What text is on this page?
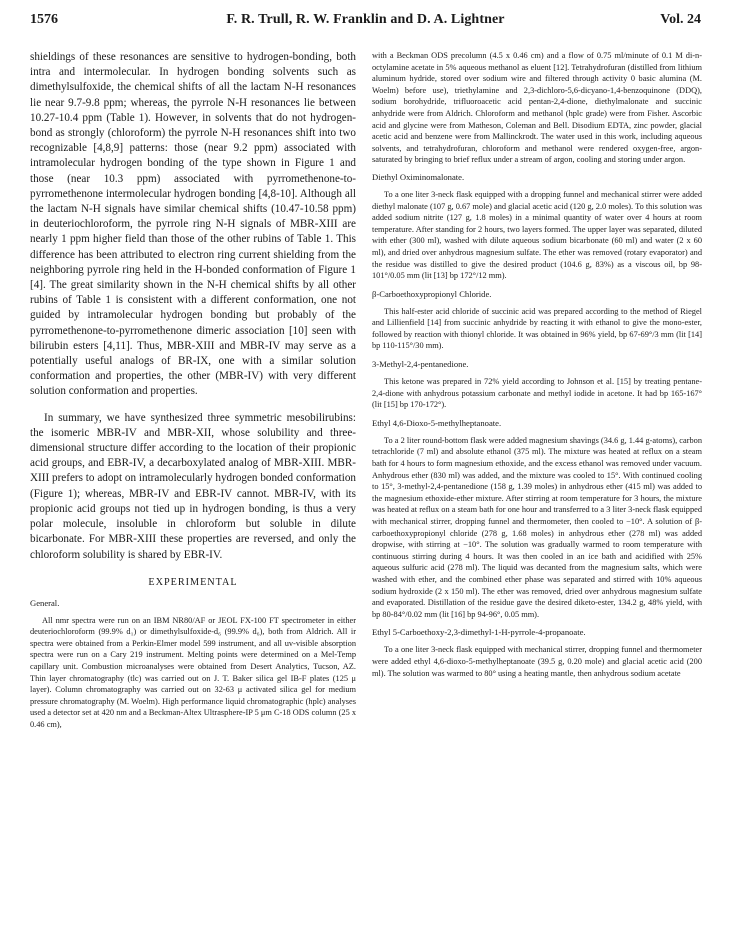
1576	F. R. Trull, R. W. Franklin and D. A. Lightner	Vol. 24

shieldings of these resonances are sensitive to hydrogen-bonding, both intra and intermolecular. In hydrogen bonding solvents such as dimethylsulfoxide, the chemical shifts of all the lactam N-H resonances lie near 9.7-9.8 ppm; whereas, the pyrrole N-H resonances lie between 10.27-10.4 ppm (Table 1). However, in solvents that do not hydrogen-bond as strongly (chloroform) the pyrrole N-H resonances shift into two recognizable [4,8,9] patterns: those (near 9.2 ppm) associated with intramolecular hydrogen bonding of the type shown in Figure 1 and those (near 10.3 ppm) associated with pyrromethenone-to-pyrromethenone intermolecular hydrogen bonding [4,8-10]. Although all the lactam N-H signals have similar chemical shifts (10.47-10.58 ppm) in deuteriochloroform, the pyrrole ring N-H signals of MBR-XIII are nearly 1 ppm higher field than those of the other rubins of Table 1. This difference has been attributed to electron ring current shielding from the neighboring pyrrole ring held in the H-bonded conformation of Figure 1 [4]. The great similarity shown in the N-H chemical shifts by all other rubins of Table 1 is consistent with a different conformation, one not guided by intramolecular hydrogen bonding but probably of the pyrromethenone-to-pyrromethenone dimeric association [10] seen with bilirubin esters [4,11]. Thus, MBR-XIII and MBR-IV may serve as a potentially useful analogs of BR-IX, one with a similar solution conformation and properties, the other (MBR-IV) with very different solution conformation and properties.

In summary, we have synthesized three symmetric mesobilirubins: the isomeric MBR-IV and MBR-XII, whose solubility and three-dimensional structure differ according to the location of their propionic acid groups, and EBR-IV, a decarboxylated analog of MBR-XIII. MBR-XIII prefers to adopt on intramolecularly hydrogen bonded conformation (Figure 1); whereas, MBR-IV and EBR-IV cannot. MBR-IV, with its propionic acid groups not tied up in hydrogen bonding, is thus a very polar molecule, insoluble in chloroform but soluble in dilute bicarbonate. For MBR-XIII these properties are reversed, and only the chloroform solubility is shared by EBR-IV.

EXPERIMENTAL
General.

All nmr spectra were run on an IBM NR80/AF or JEOL FX-100 FT spectrometer in either deuteriochloroform (99.9% d₁) or dimethylsulfoxide-d₆ (99.9% d₆), both from Aldrich. All ir spectra were obtained from a Perkin-Elmer model 599 instrument, and all uv-visible absorption spectra were run on a Cary 219 instrument. Melting points were determined on a Mel-Temp capillary unit. Combustion microanalyses were obtained from Desert Analytics, Tucson, AZ. Thin layer chromatography (tlc) was carried out on J. T. Baker silica gel IB-F plates (125 μ layer). Column chromatography was carried out on 32-63 μ activated silica gel for medium pressure chromatography (M. Woelm). High performance liquid chromatographic (hplc) analyses used a detector set at 420 nm and a Beckman-Altex Ultrasphere-IP 5 μm C-18 ODS column (25 x 0.46 cm),

with a Beckman ODS precolumn (4.5 x 0.46 cm) and a flow of 0.75 ml/minute of 0.1 M di-n-octylamine acetate in 5% aqueous methanol as eluent [12]. Tetrahydrofuran (distilled from lithium aluminum hydride, stored over sodium wire and filtered through activity 0 basic alumina (M. Woelm) before use), triethylamine and 2,3-dichloro-5,6-dicyano-1,4-benzoquinone (DDQ), sodium borohydride, trifluoroacetic acid pentan-2,4-dione, diethylmalonate and succinic anhydride were from Aldrich. Chloroform and methanol (hplc grade) were from Fisher. Ascorbic acid and glycine were from Matheson, Coleman and Bell. Disodium EDTA, zinc powder, glacial acetic acid and benzene were from Mallinckrodt. The water used in this work, including aqueous solvents, and tetrahydrofuran, chloroform and methanol were rendered oxygen-free, argon-saturated by bringing to brief reflux under a stream of argon, cooling and storing under argon.

Diethyl Oximinomalonate.

To a one liter 3-neck flask equipped with a dropping funnel and mechanical stirrer were added diethyl malonate (107 g, 0.67 mole) and glacial acetic acid (120 g, 2.0 moles). To this solution was added sodium nitrite (127 g, 1.8 moles) in a minimal quantity of water over 4 hours at room temperature. After standing for 2 hours, two layers formed. The upper layer was separated, diluted with ether (300 ml), washed with dilute aqueous sodium bicarbonate (60 ml) and water (2 x 60 ml), and dried over anhydrous magnesium sulfate. The ether was removed (rotary evaporator) and the residue was distilled to give the desired product (104.6 g, 83%) as a viscous oil, bp 98-101°/0.05 mm (lit [13] bp 172°/12 mm).

β-Carboethoxypropionyl Chloride.

This half-ester acid chloride of succinic acid was prepared according to the method of Riegel and Lillienfield [14] from succinic anhydride by reacting it with ethanol to give the mono-ester, followed by reaction with thionyl chloride. It was obtained in 96% yield, bp 67-69°/3 mm (lit [14] bp 110-115°/30 mm).

3-Methyl-2,4-pentanedione.

This ketone was prepared in 72% yield according to Johnson et al. [15] by treating pentane-2,4-dione with anhydrous potassium carbonate and methyl iodide in acetone. It had bp 165-167° (lit [15] bp 170-172°).

Ethyl 4,6-Dioxo-5-methylheptanoate.

To a 2 liter round-bottom flask were added magnesium shavings (34.6 g, 1.44 g-atoms), carbon tetrachloride (7 ml) and absolute ethanol (375 ml). The mixture was heated at reflux on a steam bath for 4 hours to form magnesium ethoxide, and the excess ethanol was removed under vacuum. Anhydrous ether (830 ml) was added, and the mixture was cooled to 15°. With continued cooling to 15°, 3-methyl-2,4-pentanedione (158 g, 1.39 moles) in anhydrous ether (415 ml) was added to the magnesium ethoxide-ether mixture. After stirring at room temperature for 3 hours, the mixture was heated at reflux on a steam bath for one hour and transferred to a 3 liter 3-neck flask equipped with mechanical stirrer, dropping funnel and thermometer, then cooled to −10°. A solution of β-carboethoxypropionyl chloride (278 g, 1.68 moles) in anhydrous ether (278 ml) was added dropwise, with stirring at −10°. The solution was gradually warmed to room temperature with continuous stirring during 4 hours. It was then cooled in an ice bath and acidified with 25% aqueous sulfuric acid (278 ml). The liquid was decanted from the magnesium salts, which were washed with ether, and the combined ether phase was separated and stirred with 10% aqueous sodium hydroxide (2 x 150 ml). The ether was removed, dried over anhydrous magnesium sulfate and evaporated. Distillation of the residue gave the desired diketo-ester, 134.2 g, 48% yield, with bp 80-84°/0.02 mm (lit [16] bp 94-96°, 0.05 mm).

Ethyl 5-Carboethoxy-2,3-dimethyl-1-H-pyrrole-4-propanoate.

To a one liter 3-neck flask equipped with mechanical stirrer, dropping funnel and thermometer were added ethyl 4,6-dioxo-5-methylheptanoate (39.5 g, 0.20 mole) and glacial acetic acid (200 ml). The solution was warmed to 80° using a heating mantle, then anhydrous sodium acetate
